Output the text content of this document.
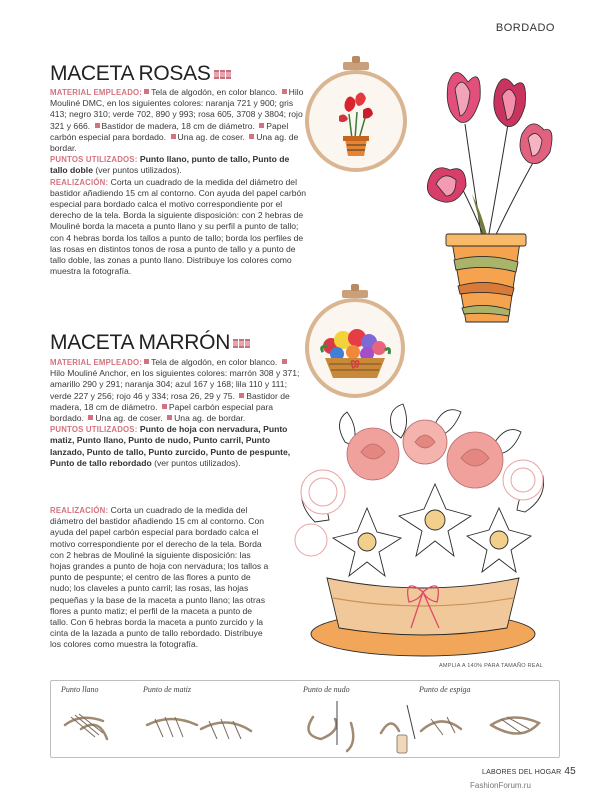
BORDADO
MACETA ROSAS
MATERIAL EMPLEADO: Tela de algodón, en color blanco. Hilo Mouliné DMC, en los siguientes colores: naranja 721 y 900; gris 413; negro 310; verde 702, 890 y 993; rosa 605, 3708 y 3804; rojo 321 y 666. Bastidor de madera, 18 cm de diámetro. Papel carbón especial para bordado. Una ag. de coser. Una ag. de bordar.
PUNTOS UTILIZADOS: Punto llano, punto de tallo, Punto de tallo doble (ver puntos utilizados).
REALIZACIÓN: Corta un cuadrado de la medida del diámetro del bastidor añadiendo 15 cm al contorno. Con ayuda del papel carbón especial para bordado calca el motivo correspondiente por el derecho de la tela. Borda la siguiente disposición: con 2 hebras de Mouliné borda la maceta a punto llano y su perfil a punto de tallo; con 4 hebras borda los tallos a punto de tallo; borda los perfiles de las rosas en distintos tonos de rosa a punto de tallo y a punto de tallo doble, las zonas a punto llano. Distribuye los colores como muestra la fotografía.
MACETA MARRÓN
MATERIAL EMPLEADO: Tela de algodón, en color blanco. Hilo Mouliné Anchor, en los siguientes colores: marrón 308 y 371; amarillo 290 y 291; naranja 304; azul 167 y 168; lila 110 y 111; verde 227 y 256; rojo 46 y 334; rosa 26, 29 y 75. Bastidor de madera, 18 cm de diámetro. Papel carbón especial para bordado. Una ag. de coser. Una ag. de bordar.
PUNTOS UTILIZADOS: Punto de hoja con nervadura, Punto matiz, Punto llano, Punto de nudo, Punto carril, Punto lanzado, Punto de tallo, Punto zurcido, Punto de pespunte, Punto de tallo rebordado (ver puntos utilizados).
REALIZACIÓN: Corta un cuadrado de la medida del diámetro del bastidor añadiendo 15 cm al contorno. Con ayuda del papel carbón especial para bordado calca el motivo correspondiente por el derecho de la tela. Borda con 2 hebras de Mouliné la siguiente disposición: las hojas grandes a punto de hoja con nervadura; los tallos a punto de pespunte; el centro de las flores a punto de nudo; los claveles a punto carril; las rosas, las hojas pequeñas y la base de la maceta a punto llano; las otras flores a punto matiz; el perfil de la maceta a punto de tallo. Con 6 hebras borda la maceta a punto zurcido y la cinta de la lazada a punto de tallo rebordado. Distribuye los colores como muestra la fotografía.
AMPLIA A 140% PARA TAMAÑO REAL
Punto llano	Punto de matiz	Punto de nudo	Punto de espiga
LABORES DEL HOGAR 45
FashionForum.ru
